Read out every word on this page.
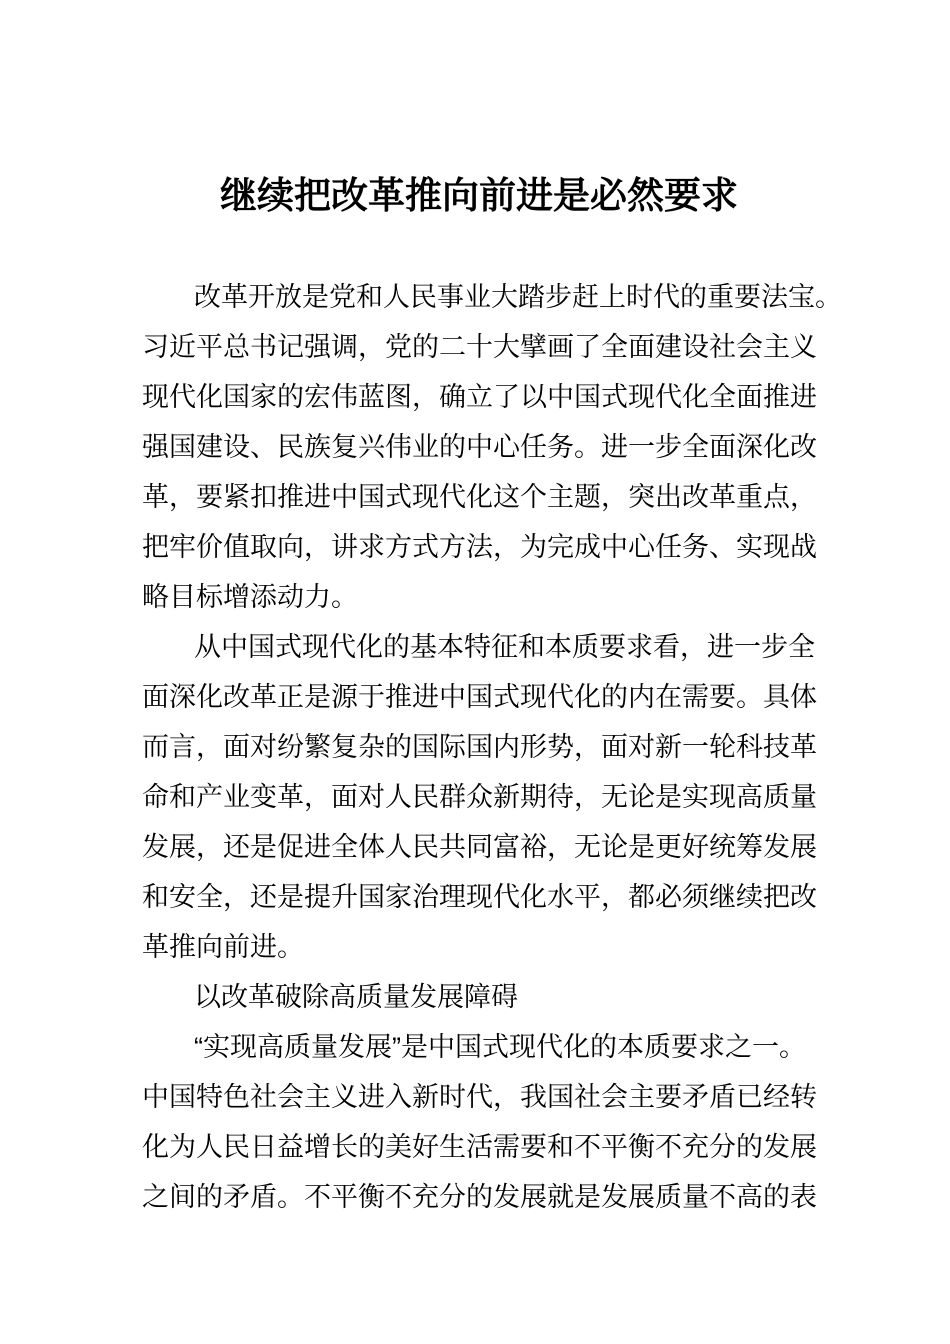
继续把改革推向前进是必然要求
改革开放是党和人民事业大踏步赶上时代的重要法宝。
习近平总书记强调，党的二十大擘画了全面建设社会主义
现代化国家的宏伟蓝图，确立了以中国式现代化全面推进
强国建设、民族复兴伟业的中心任务。进一步全面深化改
革，要紧扣推进中国式现代化这个主题，突出改革重点，
把牢价值取向，讲求方式方法，为完成中心任务、实现战
略目标增添动力。
从中国式现代化的基本特征和本质要求看，进一步全
面深化改革正是源于推进中国式现代化的内在需要。具体
而言，面对纷繁复杂的国际国内形势，面对新一轮科技革
命和产业变革，面对人民群众新期待，无论是实现高质量
发展，还是促进全体人民共同富裕，无论是更好统筹发展
和安全，还是提升国家治理现代化水平，都必须继续把改
革推向前进。
以改革破除高质量发展障碍
“实现高质量发展”是中国式现代化的本质要求之一。
中国特色社会主义进入新时代，我国社会主要矛盾已经转
化为人民日益增长的美好生活需要和不平衡不充分的发展
之间的矛盾。不平衡不充分的发展就是发展质量不高的表
